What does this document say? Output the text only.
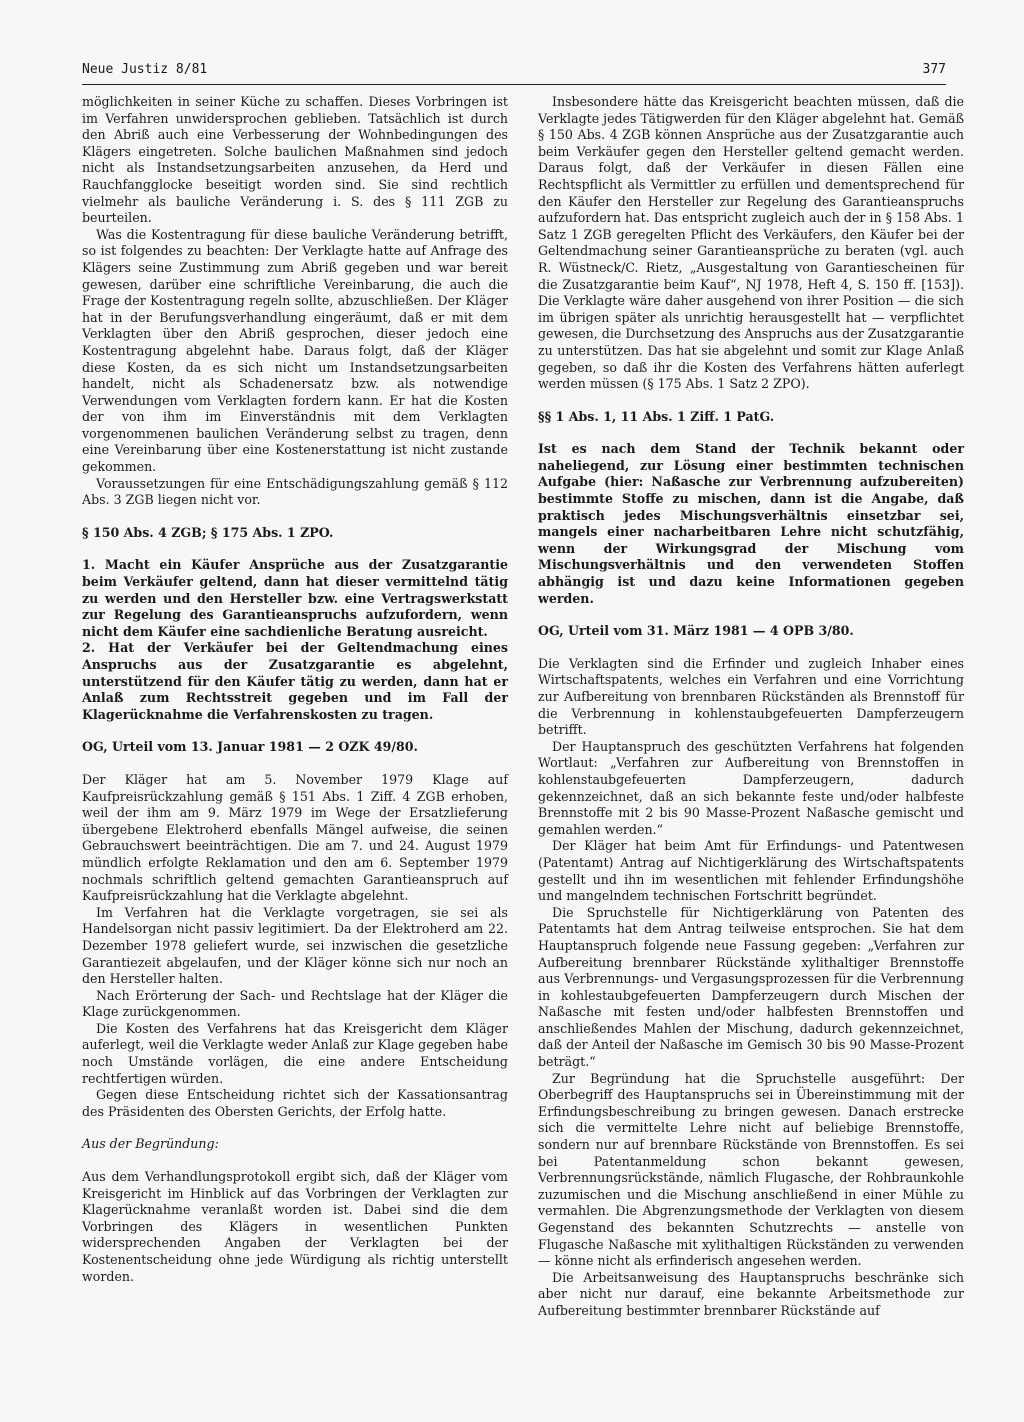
Neue Justiz 8/81	377

möglichkeiten in seiner Küche zu schaffen. Dieses Vorbringen ist im Verfahren unwidersprochen geblieben. Tatsächlich ist durch den Abriß auch eine Verbesserung der Wohnbedingungen des Klägers eingetreten. Solche baulichen Maßnahmen sind jedoch nicht als Instandsetzungsarbeiten anzusehen, da Herd und Rauchfangglocke beseitigt worden sind. Sie sind rechtlich vielmehr als bauliche Veränderung i. S. des § 111 ZGB zu beurteilen.

Was die Kostentragung für diese bauliche Veränderung betrifft, so ist folgendes zu beachten: Der Verklagte hatte auf Anfrage des Klägers seine Zustimmung zum Abriß gegeben und war bereit gewesen, darüber eine schriftliche Vereinbarung, die auch die Frage der Kostentragung regeln sollte, abzuschließen. Der Kläger hat in der Berufungsverhandlung eingeräumt, daß er mit dem Verklagten über den Abriß gesprochen, dieser jedoch eine Kostentragung abgelehnt habe. Daraus folgt, daß der Kläger diese Kosten, da es sich nicht um Instandsetzungsarbeiten handelt, nicht als Schadenersatz bzw. als notwendige Verwendungen vom Verklagten fordern kann. Er hat die Kosten der von ihm im Einverständnis mit dem Verklagten vorgenommenen baulichen Veränderung selbst zu tragen, denn eine Vereinbarung über eine Kostenerstattung ist nicht zustande gekommen.

Voraussetzungen für eine Entschädigungszahlung gemäß § 112 Abs. 3 ZGB liegen nicht vor.

§ 150 Abs. 4 ZGB; § 175 Abs. 1 ZPO.

1. Macht ein Käufer Ansprüche aus der Zusatzgarantie beim Verkäufer geltend, dann hat dieser vermittelnd tätig zu werden und den Hersteller bzw. eine Vertragswerkstatt zur Regelung des Garantieanspruchs aufzufordern, wenn nicht dem Käufer eine sachdienliche Beratung ausreicht.

2. Hat der Verkäufer bei der Geltendmachung eines Anspruchs aus der Zusatzgarantie es abgelehnt, unterstützend für den Käufer tätig zu werden, dann hat er Anlaß zum Rechtsstreit gegeben und im Fall der Klagerücknahme die Verfahrenskosten zu tragen.

OG, Urteil vom 13. Januar 1981 — 2 OZK 49/80.

Der Kläger hat am 5. November 1979 Klage auf Kaufpreisrückzahlung gemäß § 151 Abs. 1 Ziff. 4 ZGB erhoben, weil der ihm am 9. März 1979 im Wege der Ersatzlieferung übergebene Elektroherd ebenfalls Mängel aufweise, die seinen Gebrauchswert beeinträchtigen. Die am 7. und 24. August 1979 mündlich erfolgte Reklamation und den am 6. September 1979 nochmals schriftlich geltend gemachten Garantieanspruch auf Kaufpreisrückzahlung hat die Verklagte abgelehnt.

Im Verfahren hat die Verklagte vorgetragen, sie sei als Handelsorgan nicht passiv legitimiert. Da der Elektroherd am 22. Dezember 1978 geliefert wurde, sei inzwischen die gesetzliche Garantiezeit abgelaufen, und der Kläger könne sich nur noch an den Hersteller halten.

Nach Erörterung der Sach- und Rechtslage hat der Kläger die Klage zurückgenommen.

Die Kosten des Verfahrens hat das Kreisgericht dem Kläger auferlegt, weil die Verklagte weder Anlaß zur Klage gegeben habe noch Umstände vorlägen, die eine andere Entscheidung rechtfertigen würden.

Gegen diese Entscheidung richtet sich der Kassationsantrag des Präsidenten des Obersten Gerichts, der Erfolg hatte.

Aus der Begründung:

Aus dem Verhandlungsprotokoll ergibt sich, daß der Kläger vom Kreisgericht im Hinblick auf das Vorbringen der Verklagten zur Klagerücknahme veranlaßt worden ist. Dabei sind die dem Vorbringen des Klägers in wesentlichen Punkten widersprechenden Angaben der Verklagten bei der Kostenentscheidung ohne jede Würdigung als richtig unterstellt worden.

Insbesondere hätte das Kreisgericht beachten müssen, daß die Verklagte jedes Tätigwerden für den Kläger abgelehnt hat. Gemäß § 150 Abs. 4 ZGB können Ansprüche aus der Zusatzgarantie auch beim Verkäufer gegen den Hersteller geltend gemacht werden. Daraus folgt, daß der Verkäufer in diesen Fällen eine Rechtspflicht als Vermittler zu erfüllen und dementsprechend für den Käufer den Hersteller zur Regelung des Garantieanspruchs aufzufordern hat. Das entspricht zugleich auch der in § 158 Abs. 1 Satz 1 ZGB geregelten Pflicht des Verkäufers, den Käufer bei der Geltendmachung seiner Garantieansprüche zu beraten (vgl. auch R. Wüstneck/C. Rietz, „Ausgestaltung von Garantiescheinen für die Zusatzgarantie beim Kauf“, NJ 1978, Heft 4, S. 150 ff. [153]). Die Verklagte wäre daher ausgehend von ihrer Position — die sich im übrigen später als unrichtig herausgestellt hat — verpflichtet gewesen, die Durchsetzung des Anspruchs aus der Zusatzgarantie zu unterstützen. Das hat sie abgelehnt und somit zur Klage Anlaß gegeben, so daß ihr die Kosten des Verfahrens hätten auferlegt werden müssen (§ 175 Abs. 1 Satz 2 ZPO).

§§ 1 Abs. 1, 11 Abs. 1 Ziff. 1 PatG.

Ist es nach dem Stand der Technik bekannt oder naheliegend, zur Lösung einer bestimmten technischen Aufgabe (hier: Naßasche zur Verbrennung aufzubereiten) bestimmte Stoffe zu mischen, dann ist die Angabe, daß praktisch jedes Mischungsverhältnis einsetzbar sei, mangels einer nacharbeitbaren Lehre nicht schutzfähig, wenn der Wirkungsgrad der Mischung vom Mischungsverhältnis und den verwendeten Stoffen abhängig ist und dazu keine Informationen gegeben werden.

OG, Urteil vom 31. März 1981 — 4 OPB 3/80.

Die Verklagten sind die Erfinder und zugleich Inhaber eines Wirtschaftspatents, welches ein Verfahren und eine Vorrichtung zur Aufbereitung von brennbaren Rückständen als Brennstoff für die Verbrennung in kohlenstaubgefeuerten Dampferzeugern betrifft.

Der Hauptanspruch des geschützten Verfahrens hat folgenden Wortlaut: „Verfahren zur Aufbereitung von Brennstoffen in kohlenstaubgefeuerten Dampferzeugern, dadurch gekennzeichnet, daß an sich bekannte feste und/oder halbfeste Brennstoffe mit 2 bis 90 Masse-Prozent Naßasche gemischt und gemahlen werden.“

Der Kläger hat beim Amt für Erfindungs- und Patentwesen (Patentamt) Antrag auf Nichtigerklärung des Wirtschaftspatents gestellt und ihn im wesentlichen mit fehlender Erfindungshöhe und mangelndem technischen Fortschritt begründet.

Die Spruchstelle für Nichtigerklärung von Patenten des Patentamts hat dem Antrag teilweise entsprochen. Sie hat dem Hauptanspruch folgende neue Fassung gegeben: „Verfahren zur Aufbereitung brennbarer Rückstände xylithaltiger Brennstoffe aus Verbrennungs- und Vergasungsprozessen für die Verbrennung in kohlestaubgefeuerten Dampferzeugern durch Mischen der Naßasche mit festen und/oder halbfesten Brennstoffen und anschließendes Mahlen der Mischung, dadurch gekennzeichnet, daß der Anteil der Naßasche im Gemisch 30 bis 90 Masse-Prozent beträgt.“

Zur Begründung hat die Spruchstelle ausgeführt: Der Oberbegriff des Hauptanspruchs sei in Übereinstimmung mit der Erfindungsbeschreibung zu bringen gewesen. Danach erstrecke sich die vermittelte Lehre nicht auf beliebige Brennstoffe, sondern nur auf brennbare Rückstände von Brennstoffen. Es sei bei Patentanmeldung schon bekannt gewesen, Verbrennungsrückstände, nämlich Flugasche, der Rohbraunkohle zuzumischen und die Mischung anschließend in einer Mühle zu vermahlen. Die Abgrenzungsmethode der Verklagten von diesem Gegenstand des bekannten Schutzrechts — anstelle von Flugasche Naßasche mit xylithaltigen Rückständen zu verwenden — könne nicht als erfinderisch angesehen werden.

Die Arbeitsanweisung des Hauptanspruchs beschränke sich aber nicht nur darauf, eine bekannte Arbeitsmethode zur Aufbereitung bestimmter brennbarer Rückstände auf
